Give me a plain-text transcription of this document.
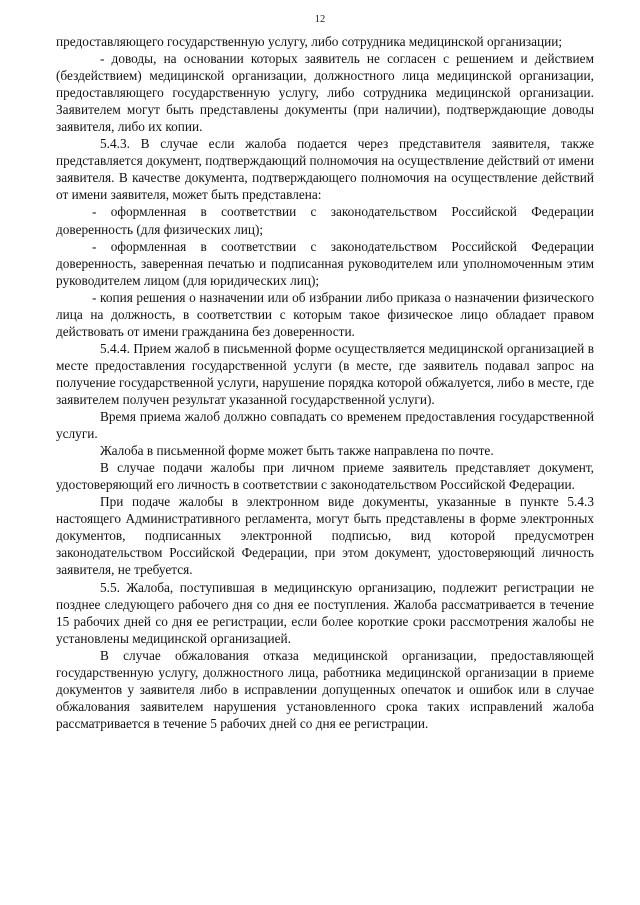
12

предоставляющего государственную услугу, либо сотрудника медицинской организации;

- доводы, на основании которых заявитель не согласен с решением и действием (бездействием) медицинской организации, должностного лица медицинской организации, предоставляющего государственную услугу, либо сотрудника медицинской организации. Заявителем могут быть представлены документы (при наличии), подтверждающие доводы заявителя, либо их копии.

5.4.3. В случае если жалоба подается через представителя заявителя, также представляется документ, подтверждающий полномочия на осуществление действий от имени заявителя. В качестве документа, подтверждающего полномочия на осуществление действий от имени заявителя, может быть представлена:

- оформленная в соответствии с законодательством Российской Федерации доверенность (для физических лиц);

- оформленная в соответствии с законодательством Российской Федерации доверенность, заверенная печатью и подписанная руководителем или уполномоченным этим руководителем лицом (для юридических лиц);

- копия решения о назначении или об избрании либо приказа о назначении физического лица на должность, в соответствии с которым такое физическое лицо обладает правом действовать от имени гражданина без доверенности.

5.4.4. Прием жалоб в письменной форме осуществляется медицинской организацией в месте предоставления государственной услуги (в месте, где заявитель подавал запрос на получение государственной услуги, нарушение порядка которой обжалуется, либо в месте, где заявителем получен результат указанной государственной услуги).

Время приема жалоб должно совпадать со временем предоставления государственной услуги.

Жалоба в письменной форме может быть также направлена по почте.

В случае подачи жалобы при личном приеме заявитель представляет документ, удостоверяющий его личность в соответствии с законодательством Российской Федерации.

При подаче жалобы в электронном виде документы, указанные в пункте 5.4.3 настоящего Административного регламента, могут быть представлены в форме электронных документов, подписанных электронной подписью, вид которой предусмотрен законодательством Российской Федерации, при этом документ, удостоверяющий личность заявителя, не требуется.

5.5. Жалоба, поступившая в медицинскую организацию, подлежит регистрации не позднее следующего рабочего дня со дня ее поступления. Жалоба рассматривается в течение 15 рабочих дней со дня ее регистрации, если более короткие сроки рассмотрения жалобы не установлены медицинской организацией.

В случае обжалования отказа медицинской организации, предоставляющей государственную услугу, должностного лица, работника медицинской организации в приеме документов у заявителя либо в исправлении допущенных опечаток и ошибок или в случае обжалования заявителем нарушения установленного срока таких исправлений жалоба рассматривается в течение 5 рабочих дней со дня ее регистрации.
